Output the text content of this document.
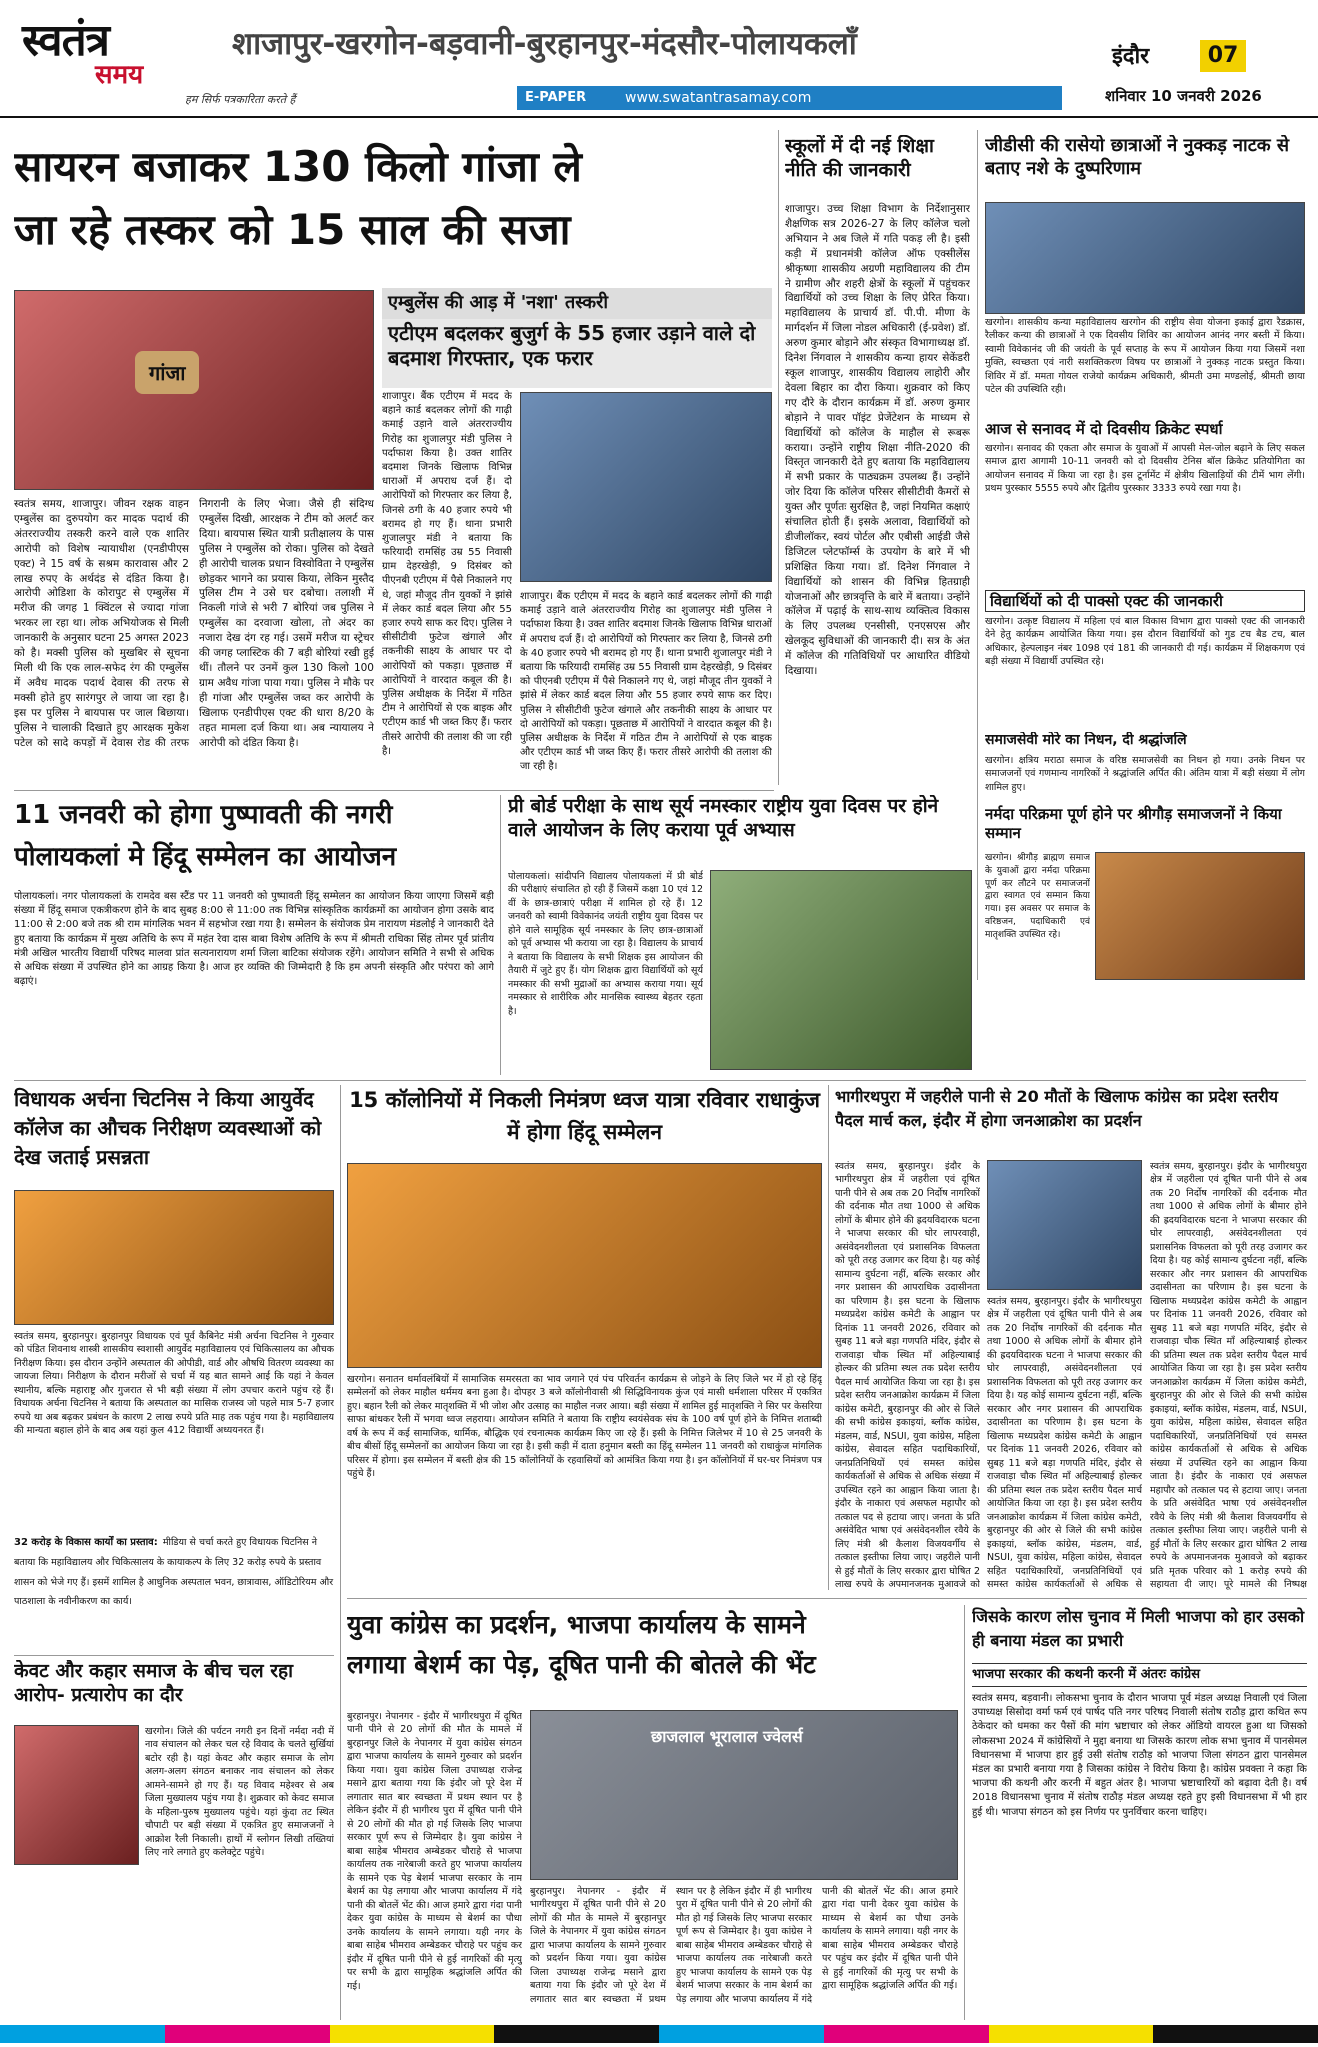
स्वतंत्र
समय
हम सिर्फ पत्रकारिता करते हैं
शाजापुर-खरगोन-बड़वानी-बुरहानपुर-मंदसौर-पोलायकलाँ
E-PAPER	www.swatantrasamay.com
इंदौर	07
शनिवार 10 जनवरी 2026
सायरन बजाकर 130 किलो गांजा ले
जा रहे तस्कर को 15 साल की सजा
गांजा
स्वतंत्र समय, शाजापुर। जीवन रक्षक वाहन एम्बुलेंस का दुरुपयोग कर मादक पदार्थ की अंतरराज्यीय तस्करी करने वाले एक शातिर आरोपी को विशेष न्यायाधीश (एनडीपीएस एक्ट) ने 15 वर्ष के सश्रम कारावास और 2 लाख रुपए के अर्थदंड से दंडित किया है। आरोपी ओडिशा के कोरापुट से एम्बुलेंस में मरीज की जगह 1 क्विंटल से ज्यादा गांजा भरकर ला रहा था। लोक अभियोजक से मिली जानकारी के अनुसार घटना 25 अगस्त 2023 को है। मक्सी पुलिस को मुखबिर से सूचना मिली थी कि एक लाल-सफेद रंग की एम्बुलेंस में अवैध मादक पदार्थ देवास की तरफ से मक्सी होते हुए सारंगपुर ले जाया जा रहा है। इस पर पुलिस ने बायपास पर जाल बिछाया। पुलिस ने चालाकी दिखाते हुए आरक्षक मुकेश पटेल को सादे कपड़ों में देवास रोड की तरफ निगरानी के लिए भेजा। जैसे ही संदिग्ध एम्बुलेंस दिखी, आरक्षक ने टीम को अलर्ट कर दिया। बायपास स्थित यात्री प्रतीक्षालय के पास पुलिस ने एम्बुलेंस को रोका। पुलिस को देखते ही आरोपी चालक प्रधान विस्वोविता ने एम्बुलेंस छोड़कर भागने का प्रयास किया, लेकिन मुस्तैद पुलिस टीम ने उसे घर दबोचा। तलाशी में निकली गांजे से भरी 7 बोरियां जब पुलिस ने एम्बुलेंस का दरवाजा खोला, तो अंदर का नजारा देख दंग रह गई। उसमें मरीज या स्ट्रेचर की जगह प्लास्टिक की 7 बड़ी बोरियां रखी हुई थीं। तौलने पर उनमें कुल 130 किलो 100 ग्राम अवैध गांजा पाया गया। पुलिस ने मौके पर ही गांजा और एम्बुलेंस जब्त कर आरोपी के खिलाफ एनडीपीएस एक्ट की धारा 8/20 के तहत मामला दर्ज किया था। अब न्यायालय ने आरोपी को दंडित किया है।
एम्बुलेंस की आड़ में 'नशा' तस्करी
एटीएम बदलकर बुजुर्ग के 55 हजार उड़ाने वाले दो बदमाश गिरफ्तार, एक फरार
शाजापुर। बैंक एटीएम में मदद के बहाने कार्ड बदलकर लोगों की गाढ़ी कमाई उड़ाने वाले अंतरराज्यीय गिरोह का शुजालपुर मंडी पुलिस ने पर्दाफाश किया है। उक्त शातिर बदमाश जिनके खिलाफ विभिन्न धाराओं में अपराध दर्ज हैं। दो आरोपियों को गिरफ्तार कर लिया है, जिनसे ठगी के 40 हजार रुपये भी बरामद हो गए हैं। थाना प्रभारी शुजालपुर मंडी ने बताया कि फरियादी रामसिंह उम्र 55 निवासी ग्राम देहरखेड़ी, 9 दिसंबर को पीएनबी एटीएम में पैसे निकालने गए थे, जहां मौजूद तीन युवकों ने झांसे में लेकर कार्ड बदल लिया और 55 हजार रुपये साफ कर दिए। पुलिस ने सीसीटीवी फुटेज खंगाले और तकनीकी साक्ष्य के आधार पर दो आरोपियों को पकड़ा। पूछताछ में आरोपियों ने वारदात कबूल की है। पुलिस अधीक्षक के निर्देश में गठित टीम ने आरोपियों से एक बाइक और एटीएम कार्ड भी जब्त किए हैं। फरार तीसरे आरोपी की तलाश की जा रही है।
शाजापुर। बैंक एटीएम में मदद के बहाने कार्ड बदलकर लोगों की गाढ़ी कमाई उड़ाने वाले अंतरराज्यीय गिरोह का शुजालपुर मंडी पुलिस ने पर्दाफाश किया है। उक्त शातिर बदमाश जिनके खिलाफ विभिन्न धाराओं में अपराध दर्ज हैं। दो आरोपियों को गिरफ्तार कर लिया है, जिनसे ठगी के 40 हजार रुपये भी बरामद हो गए हैं। थाना प्रभारी शुजालपुर मंडी ने बताया कि फरियादी रामसिंह उम्र 55 निवासी ग्राम देहरखेड़ी, 9 दिसंबर को पीएनबी एटीएम में पैसे निकालने गए थे, जहां मौजूद तीन युवकों ने झांसे में लेकर कार्ड बदल लिया और 55 हजार रुपये साफ कर दिए। पुलिस ने सीसीटीवी फुटेज खंगाले और तकनीकी साक्ष्य के आधार पर दो आरोपियों को पकड़ा। पूछताछ में आरोपियों ने वारदात कबूल की है। पुलिस अधीक्षक के निर्देश में गठित टीम ने आरोपियों से एक बाइक और एटीएम कार्ड भी जब्त किए हैं। फरार तीसरे आरोपी की तलाश की जा रही है।
स्कूलों में दी नई शिक्षा नीति की जानकारी
शाजापुर। उच्च शिक्षा विभाग के निर्देशानुसार शैक्षणिक सत्र 2026-27 के लिए कॉलेज चलो अभियान ने अब जिले में गति पकड़ ली है। इसी कड़ी में प्रधानमंत्री कॉलेज ऑफ एक्सीलेंस श्रीकृष्णा शासकीय अग्रणी महाविद्यालय की टीम ने ग्रामीण और शहरी क्षेत्रों के स्कूलों में पहुंचकर विद्यार्थियों को उच्च शिक्षा के लिए प्रेरित किया। महाविद्यालय के प्राचार्य डॉ. पी.पी. मीणा के मार्गदर्शन में जिला नोडल अधिकारी (ई-प्रवेश) डॉ. अरुण कुमार बोड़ाने और संस्कृत विभागाध्यक्ष डॉ. दिनेश निंगवाल ने शासकीय कन्या हायर सेकेंडरी स्कूल शाजापुर, शासकीय विद्यालय लाहोरी और देवला बिहार का दौरा किया। शुक्रवार को किए गए दौरे के दौरान कार्यक्रम में डॉ. अरुण कुमार बोड़ाने ने पावर पॉइंट प्रेजेंटेशन के माध्यम से विद्यार्थियों को कॉलेज के माहौल से रूबरू कराया। उन्होंने राष्ट्रीय शिक्षा नीति-2020 की विस्तृत जानकारी देते हुए बताया कि महाविद्यालय में सभी प्रकार के पाठ्यक्रम उपलब्ध हैं। उन्होंने जोर दिया कि कॉलेज परिसर सीसीटीवी कैमरों से युक्त और पूर्णतः सुरक्षित है, जहां नियमित कक्षाएं संचालित होती हैं। इसके अलावा, विद्यार्थियों को डीजीलॉकर, स्वयं पोर्टल और एबीसी आईडी जैसे डिजिटल प्लेटफॉर्म्स के उपयोग के बारे में भी प्रशिक्षित किया गया। डॉ. दिनेश निंगवाल ने विद्यार्थियों को शासन की विभिन्न हितग्राही योजनाओं और छात्रवृत्ति के बारे में बताया। उन्होंने कॉलेज में पढ़ाई के साथ-साथ व्यक्तित्व विकास के लिए उपलब्ध एनसीसी, एनएसएस और खेलकूद सुविधाओं की जानकारी दी। सत्र के अंत में कॉलेज की गतिविधियों पर आधारित वीडियो दिखाया।
जीडीसी की रासेयो छात्राओं ने नुक्कड़ नाटक से बताए नशे के दुष्परिणाम
खरगोन। शासकीय कन्या महाविद्यालय खरगोन की राष्ट्रीय सेवा योजना इकाई द्वारा रैडक्रास, रैलीकर कन्या की छात्राओं ने एक दिवसीय शिविर का आयोजन आनंद नगर बस्ती में किया। स्वामी विवेकानंद जी की जयंती के पूर्व सप्ताह के रूप में आयोजन किया गया जिसमें नशा मुक्ति, स्वच्छता एवं नारी सशक्तिकरण विषय पर छात्राओं ने नुक्कड़ नाटक प्रस्तुत किया। शिविर में डॉ. ममता गोयल राजेयो कार्यक्रम अधिकारी, श्रीमती उमा मण्डलोई, श्रीमती छाया पटेल की उपस्थिति रही।
आज से सनावद में दो दिवसीय क्रिकेट स्पर्धा
खरगोन। सनावद की एकता और समाज के युवाओं में आपसी मेल-जोल बढ़ाने के लिए सकल समाज द्वारा आगामी 10-11 जनवरी को दो दिवसीय टेनिस बॉल क्रिकेट प्रतियोगिता का आयोजन सनावद में किया जा रहा है। इस टूर्नामेंट में क्षेत्रीय खिलाड़ियों की टीमें भाग लेंगी। प्रथम पुरस्कार 5555 रुपये और द्वितीय पुरस्कार 3333 रुपये रखा गया है।
विद्यार्थियों को दी पाक्सो एक्ट की जानकारी
खरगोन। उत्कृष्ट विद्यालय में महिला एवं बाल विकास विभाग द्वारा पाक्सो एक्ट की जानकारी देने हेतु कार्यक्रम आयोजित किया गया। इस दौरान विद्यार्थियों को गुड टच बैड टच, बाल अधिकार, हेल्पलाइन नंबर 1098 एवं 181 की जानकारी दी गई। कार्यक्रम में शिक्षकगण एवं बड़ी संख्या में विद्यार्थी उपस्थित रहे।
समाजसेवी मोरे का निधन, दी श्रद्धांजलि
खरगोन। क्षत्रिय मराठा समाज के वरिष्ठ समाजसेवी का निधन हो गया। उनके निधन पर समाजजनों एवं गणमान्य नागरिकों ने श्रद्धांजलि अर्पित की। अंतिम यात्रा में बड़ी संख्या में लोग शामिल हुए।
नर्मदा परिक्रमा पूर्ण होने पर श्रीगौड़ समाजजनों ने किया सम्मान
खरगोन। श्रीगौड़ ब्राह्मण समाज के युवाओं द्वारा नर्मदा परिक्रमा पूर्ण कर लौटने पर समाजजनों द्वारा स्वागत एवं सम्मान किया गया। इस अवसर पर समाज के वरिष्ठजन, पदाधिकारी एवं मातृशक्ति उपस्थित रहे।
11 जनवरी को होगा पुष्पावती की नगरी पोलायकलां मे हिंदू सम्मेलन का आयोजन
पोलायकलां। नगर पोलायकलां के रामदेव बस स्टैंड पर 11 जनवरी को पुष्पावती हिंदू सम्मेलन का आयोजन किया जाएगा जिसमें बड़ी संख्या में हिंदू समाज एकत्रीकरण होने के बाद सुबह 8:00 से 11:00 तक विभिन्न सांस्कृतिक कार्यक्रमों का आयोजन होगा उसके बाद 11:00 से 2:00 बजे तक श्री राम मांगलिक भवन में सहभोज रखा गया है। सम्मेलन के संयोजक प्रेम नारायण मंडलोई ने जानकारी देते हुए बताया कि कार्यक्रम में मुख्य अतिथि के रूप में महंत रेवा दास बाबा विशेष अतिथि के रूप में श्रीमती राधिका सिंह तोमर पूर्व प्रांतीय मंत्री अखिल भारतीय विद्यार्थी परिषद मालवा प्रांत सत्यनारायण शर्मा जिला बाटिका संयोजक रहेंगे। आयोजन समिति ने सभी से अधिक से अधिक संख्या में उपस्थित होने का आग्रह किया है। आज हर व्यक्ति की जिम्मेदारी है कि हम अपनी संस्कृति और परंपरा को आगे बढ़ाएं।
प्री बोर्ड परीक्षा के साथ सूर्य नमस्कार राष्ट्रीय युवा दिवस पर होने वाले आयोजन के लिए कराया पूर्व अभ्यास
पोलायकलां। सांदीपनि विद्यालय पोलायकलां में प्री बोर्ड की परीक्षाएं संचालित हो रही हैं जिसमें कक्षा 10 एवं 12 वीं के छात्र-छात्राएं परीक्षा में शामिल हो रहे हैं। 12 जनवरी को स्वामी विवेकानंद जयंती राष्ट्रीय युवा दिवस पर होने वाले सामूहिक सूर्य नमस्कार के लिए छात्र-छात्राओं को पूर्व अभ्यास भी कराया जा रहा है। विद्यालय के प्राचार्य ने बताया कि विद्यालय के सभी शिक्षक इस आयोजन की तैयारी में जुटे हुए हैं। योग शिक्षक द्वारा विद्यार्थियों को सूर्य नमस्कार की सभी मुद्राओं का अभ्यास कराया गया। सूर्य नमस्कार से शारीरिक और मानसिक स्वास्थ्य बेहतर रहता है।
विधायक अर्चना चिटनिस ने किया आयुर्वेद कॉलेज का औचक निरीक्षण व्यवस्थाओं को देख जताई प्रसन्नता
स्वतंत्र समय, बुरहानपुर। बुरहानपुर विधायक एवं पूर्व कैबिनेट मंत्री अर्चना चिटनिस ने गुरुवार को पंडित शिवनाथ शास्त्री शासकीय स्वशासी आयुर्वेद महाविद्यालय एवं चिकित्सालय का औचक निरीक्षण किया। इस दौरान उन्होंने अस्पताल की ओपीडी, वार्ड और औषधि वितरण व्यवस्था का जायजा लिया। निरीक्षण के दौरान मरीजों से चर्चा में यह बात सामने आई कि यहां ने केवल स्थानीय, बल्कि महाराष्ट्र और गुजरात से भी बड़ी संख्या में लोग उपचार कराने पहुंच रहे हैं। विधायक अर्चना चिटनिस ने बताया कि अस्पताल का मासिक राजस्व जो पहले मात्र 5-7 हजार रुपये था अब बढ़कर प्रबंधन के कारण 2 लाख रुपये प्रति माह तक पहुंच गया है। महाविद्यालय की मान्यता बहाल होने के बाद अब यहां कुल 412 विद्यार्थी अध्ययनरत हैं।
32 करोड़ के विकास कार्यों का प्रस्ताव: मीडिया से चर्चा करते हुए विधायक चिटनिस ने बताया कि महाविद्यालय और चिकित्सालय के कायाकल्प के लिए 32 करोड़ रुपये के प्रस्ताव शासन को भेजे गए हैं। इसमें शामिल है आधुनिक अस्पताल भवन, छात्रावास, ऑडिटोरियम और पाठशाला के नवीनीकरण का कार्य।
केवट और कहार समाज के बीच चल रहा आरोप- प्रत्यारोप का दौर
खरगोन। जिले की पर्यटन नगरी इन दिनों नर्मदा नदी में नाव संचालन को लेकर चल रहे विवाद के चलते सुर्खियां बटोर रही है। यहां केवट और कहार समाज के लोग अलग-अलग संगठन बनाकर नाव संचालन को लेकर आमने-सामने हो गए हैं। यह विवाद महेश्वर से अब जिला मुख्यालय पहुंच गया है। शुक्रवार को केवट समाज के महिला-पुरुष मुख्यालय पहुंचे। यहां कुंदा तट स्थित चौपाटी पर बड़ी संख्या में एकत्रित हुए समाजजनों ने आक्रोश रैली निकाली। हाथों में स्लोगन लिखी तख्तियां लिए नारे लगाते हुए कलेक्ट्रेट पहुंचे।
15 कॉलोनियों में निकली निमंत्रण ध्वज यात्रा रविवार राधाकुंज में होगा हिंदू सम्मेलन
खरगोन। सनातन धर्मावलंबियों में सामाजिक समरसता का भाव जगाने एवं पंच परिवर्तन कार्यक्रम से जोड़ने के लिए जिले भर में हो रहे हिंदू सम्मेलनों को लेकर माहौल धर्ममय बना हुआ है। दोपहर 3 बजे कॉलोनीवासी श्री सिद्धिविनायक कुंज एवं मासी धर्मशाला परिसर में एकत्रित हुए। बहान रैली को लेकर मातृशक्ति में भी जोश और उत्साह का माहौल नजर आया। बड़ी संख्या में शामिल हुई मातृशक्ति ने सिर पर केसरिया साफा बांधकर रैली में भगवा ध्वज लहराया। आयोजन समिति ने बताया कि राष्ट्रीय स्वयंसेवक संघ के 100 वर्ष पूर्ण होने के निमित्त शताब्दी वर्ष के रूप में कई सामाजिक, धार्मिक, बौद्धिक एवं रचनात्मक कार्यक्रम किए जा रहे हैं। इसी के निमित्त जिलेभर में 10 से 25 जनवरी के बीच बीसों हिंदू सम्मेलनों का आयोजन किया जा रहा है। इसी कड़ी में दाता हनुमान बस्ती का हिंदू सम्मेलन 11 जनवरी को राधाकुंज मांगलिक परिसर में होगा। इस सम्मेलन में बस्ती क्षेत्र की 15 कॉलोनियों के रहवासियों को आमंत्रित किया गया है। इन कॉलोनियों में घर-घर निमंत्रण पत्र पहुंचे हैं।
भागीरथपुरा में जहरीले पानी से 20 मौतों के खिलाफ कांग्रेस का प्रदेश स्तरीय पैदल मार्च कल, इंदौर में होगा जनआक्रोश का प्रदर्शन
स्वतंत्र समय, बुरहानपुर। इंदौर के भागीरथपुरा क्षेत्र में जहरीला एवं दूषित पानी पीने से अब तक 20 निर्दोष नागरिकों की दर्दनाक मौत तथा 1000 से अधिक लोगों के बीमार होने की ह्रदयविदारक घटना ने भाजपा सरकार की घोर लापरवाही, असंवेदनशीलता एवं प्रशासनिक विफलता को पूरी तरह उजागर कर दिया है। यह कोई सामान्य दुर्घटना नहीं, बल्कि सरकार और नगर प्रशासन की आपराधिक उदासीनता का परिणाम है। इस घटना के खिलाफ मध्यप्रदेश कांग्रेस कमेटी के आह्वान पर दिनांक 11 जनवरी 2026, रविवार को सुबह 11 बजे बड़ा गणपति मंदिर, इंदौर से राजवाड़ा चौक स्थित माँ अहिल्याबाई होल्कर की प्रतिमा स्थल तक प्रदेश स्तरीय पैदल मार्च आयोजित किया जा रहा है। इस प्रदेश स्तरीय जनआक्रोश कार्यक्रम में जिला कांग्रेस कमेटी, बुरहानपुर की ओर से जिले की सभी कांग्रेस इकाइयां, ब्लॉक कांग्रेस, मंडलम, वार्ड, NSUI, युवा कांग्रेस, महिला कांग्रेस, सेवादल सहित पदाधिकारियों, जनप्रतिनिधियों एवं समस्त कांग्रेस कार्यकर्ताओं से अधिक से अधिक संख्या में उपस्थित रहने का आह्वान किया जाता है। इंदौर के नाकारा एवं असफल महापौर को तत्काल पद से हटाया जाए। जनता के प्रति असंवेदित भाषा एवं असंवेदनशील रवैये के लिए मंत्री श्री कैलाश विजयवर्गीय से तत्काल इस्तीफा लिया जाए। जहरीले पानी से हुई मौतों के लिए सरकार द्वारा घोषित 2 लाख रुपये के अपमानजनक मुआवजे को
स्वतंत्र समय, बुरहानपुर। इंदौर के भागीरथपुरा क्षेत्र में जहरीला एवं दूषित पानी पीने से अब तक 20 निर्दोष नागरिकों की दर्दनाक मौत तथा 1000 से अधिक लोगों के बीमार होने की ह्रदयविदारक घटना ने भाजपा सरकार की घोर लापरवाही, असंवेदनशीलता एवं प्रशासनिक विफलता को पूरी तरह उजागर कर दिया है। यह कोई सामान्य दुर्घटना नहीं, बल्कि सरकार और नगर प्रशासन की आपराधिक उदासीनता का परिणाम है। इस घटना के खिलाफ मध्यप्रदेश कांग्रेस कमेटी के आह्वान पर दिनांक 11 जनवरी 2026, रविवार को सुबह 11 बजे बड़ा गणपति मंदिर, इंदौर से राजवाड़ा चौक स्थित माँ अहिल्याबाई होल्कर की प्रतिमा स्थल तक प्रदेश स्तरीय पैदल मार्च आयोजित किया जा रहा है। इस प्रदेश स्तरीय जनआक्रोश कार्यक्रम में जिला कांग्रेस कमेटी, बुरहानपुर की ओर से जिले की सभी कांग्रेस इकाइयां, ब्लॉक कांग्रेस, मंडलम, वार्ड, NSUI, युवा कांग्रेस, महिला कांग्रेस, सेवादल सहित पदाधिकारियों, जनप्रतिनिधियों एवं समस्त कांग्रेस कार्यकर्ताओं से अधिक से
स्वतंत्र समय, बुरहानपुर। इंदौर के भागीरथपुरा क्षेत्र में जहरीला एवं दूषित पानी पीने से अब तक 20 निर्दोष नागरिकों की दर्दनाक मौत तथा 1000 से अधिक लोगों के बीमार होने की ह्रदयविदारक घटना ने भाजपा सरकार की घोर लापरवाही, असंवेदनशीलता एवं प्रशासनिक विफलता को पूरी तरह उजागर कर दिया है। यह कोई सामान्य दुर्घटना नहीं, बल्कि सरकार और नगर प्रशासन की आपराधिक उदासीनता का परिणाम है। इस घटना के खिलाफ मध्यप्रदेश कांग्रेस कमेटी के आह्वान पर दिनांक 11 जनवरी 2026, रविवार को सुबह 11 बजे बड़ा गणपति मंदिर, इंदौर से राजवाड़ा चौक स्थित माँ अहिल्याबाई होल्कर की प्रतिमा स्थल तक प्रदेश स्तरीय पैदल मार्च आयोजित किया जा रहा है। इस प्रदेश स्तरीय जनआक्रोश कार्यक्रम में जिला कांग्रेस कमेटी, बुरहानपुर की ओर से जिले की सभी कांग्रेस इकाइयां, ब्लॉक कांग्रेस, मंडलम, वार्ड, NSUI, युवा कांग्रेस, महिला कांग्रेस, सेवादल सहित पदाधिकारियों, जनप्रतिनिधियों एवं समस्त कांग्रेस कार्यकर्ताओं से अधिक से अधिक संख्या में उपस्थित रहने का आह्वान किया जाता है। इंदौर के नाकारा एवं असफल महापौर को तत्काल पद से हटाया जाए। जनता के प्रति असंवेदित भाषा एवं असंवेदनशील रवैये के लिए मंत्री श्री कैलाश विजयवर्गीय से तत्काल इस्तीफा लिया जाए। जहरीले पानी से हुई मौतों के लिए सरकार द्वारा घोषित 2 लाख रुपये के अपमानजनक मुआवजे को बढ़ाकर प्रति मृतक परिवार को 1 करोड़ रुपये की सहायता दी जाए। पूरे मामले की निष्पक्ष
युवा कांग्रेस का प्रदर्शन, भाजपा कार्यालय के सामने
लगाया बेशर्म का पेड़, दूषित पानी की बोतले की भेंट
बुरहानपुर। नेपानगर - इंदौर में भागीरथपुरा में दूषित पानी पीने से 20 लोगों की मौत के मामले में बुरहानपुर जिले के नेपानगर में युवा कांग्रेस संगठन द्वारा भाजपा कार्यालय के सामने गुरुवार को प्रदर्शन किया गया। युवा कांग्रेस जिला उपाध्यक्ष राजेन्द्र मसाने द्वारा बताया गया कि इंदौर जो पूरे देश में लगातार सात बार स्वच्छता में प्रथम स्थान पर है लेकिन इंदौर में ही भागीरथ पुरा में दूषित पानी पीने से 20 लोगों की मौत हो गई जिसके लिए भाजपा सरकार पूर्ण रूप से जिम्मेदार है। युवा कांग्रेस ने बाबा साहेब भीमराव अम्बेडकर चौराहे से भाजपा कार्यालय तक नारेबाजी करते हुए भाजपा कार्यालय के सामने एक पेड़ बेशर्म भाजपा सरकार के नाम बेशर्म का पेड़ लगाया और भाजपा कार्यालय में गंदे पानी की बोतलें भेंट की। आज हमारे द्वारा गंदा पानी देकर युवा कांग्रेस के माध्यम से बेशर्म का पौधा उनके कार्यालय के सामने लगाया। यही नगर के बाबा साहेब भीमराव अम्बेडकर चौराहे पर पहुंच कर इंदौर में दूषित पानी पीने से हुई नागरिकों की मृत्यु पर सभी के द्वारा सामूहिक श्रद्धांजलि अर्पित की गई।
छाजलाल भूरालाल ज्वेलर्स
बुरहानपुर। नेपानगर - इंदौर में भागीरथपुरा में दूषित पानी पीने से 20 लोगों की मौत के मामले में बुरहानपुर जिले के नेपानगर में युवा कांग्रेस संगठन द्वारा भाजपा कार्यालय के सामने गुरुवार को प्रदर्शन किया गया। युवा कांग्रेस जिला उपाध्यक्ष राजेन्द्र मसाने द्वारा बताया गया कि इंदौर जो पूरे देश में लगातार सात बार स्वच्छता में प्रथम स्थान पर है लेकिन इंदौर में ही भागीरथ पुरा में दूषित पानी पीने से 20 लोगों की मौत हो गई जिसके लिए भाजपा सरकार पूर्ण रूप से जिम्मेदार है। युवा कांग्रेस ने बाबा साहेब भीमराव अम्बेडकर चौराहे से भाजपा कार्यालय तक नारेबाजी करते हुए भाजपा कार्यालय के सामने एक पेड़ बेशर्म भाजपा सरकार के नाम बेशर्म का पेड़ लगाया और भाजपा कार्यालय में गंदे पानी की बोतलें भेंट की। आज हमारे द्वारा गंदा पानी देकर युवा कांग्रेस के माध्यम से बेशर्म का पौधा उनके कार्यालय के सामने लगाया। यही नगर के बाबा साहेब भीमराव अम्बेडकर चौराहे पर पहुंच कर इंदौर में दूषित पानी पीने से हुई नागरिकों की मृत्यु पर सभी के द्वारा सामूहिक श्रद्धांजलि अर्पित की गई।
जिसके कारण लोस चुनाव में मिली भाजपा को हार उसको ही बनाया मंडल का प्रभारी
भाजपा सरकार की कथनी करनी में अंतरः कांग्रेस
स्वतंत्र समय, बड़वानी। लोकसभा चुनाव के दौरान भाजपा पूर्व मंडल अध्यक्ष निवाली एवं जिला उपाध्यक्ष सिसोदा वर्मा फर्म एवं पार्षद पति नगर परिषद निवाली संतोष राठौड़ द्वारा कथित रूप ठेकेदार को धमका कर पैसों की मांग भ्रष्टाचार को लेकर ऑडियो वायरल हुआ था जिसको लोकसभा 2024 में कांग्रेसियों ने मुद्दा बनाया था जिसके कारण लोक सभा चुनाव में पानसेमल विधानसभा में भाजपा हार हुई उसी संतोष राठौड़ को भाजपा जिला संगठन द्वारा पानसेमल मंडल का प्रभारी बनाया गया है जिसका कांग्रेस ने विरोध किया है। कांग्रेस प्रवक्ता ने कहा कि भाजपा की कथनी और करनी में बहुत अंतर है। भाजपा भ्रष्टाचारियों को बढ़ावा देती है। वर्ष 2018 विधानसभा चुनाव में संतोष राठौड़ मंडल अध्यक्ष रहते हुए इसी विधानसभा में भी हार हुई थी। भाजपा संगठन को इस निर्णय पर पुनर्विचार करना चाहिए।
